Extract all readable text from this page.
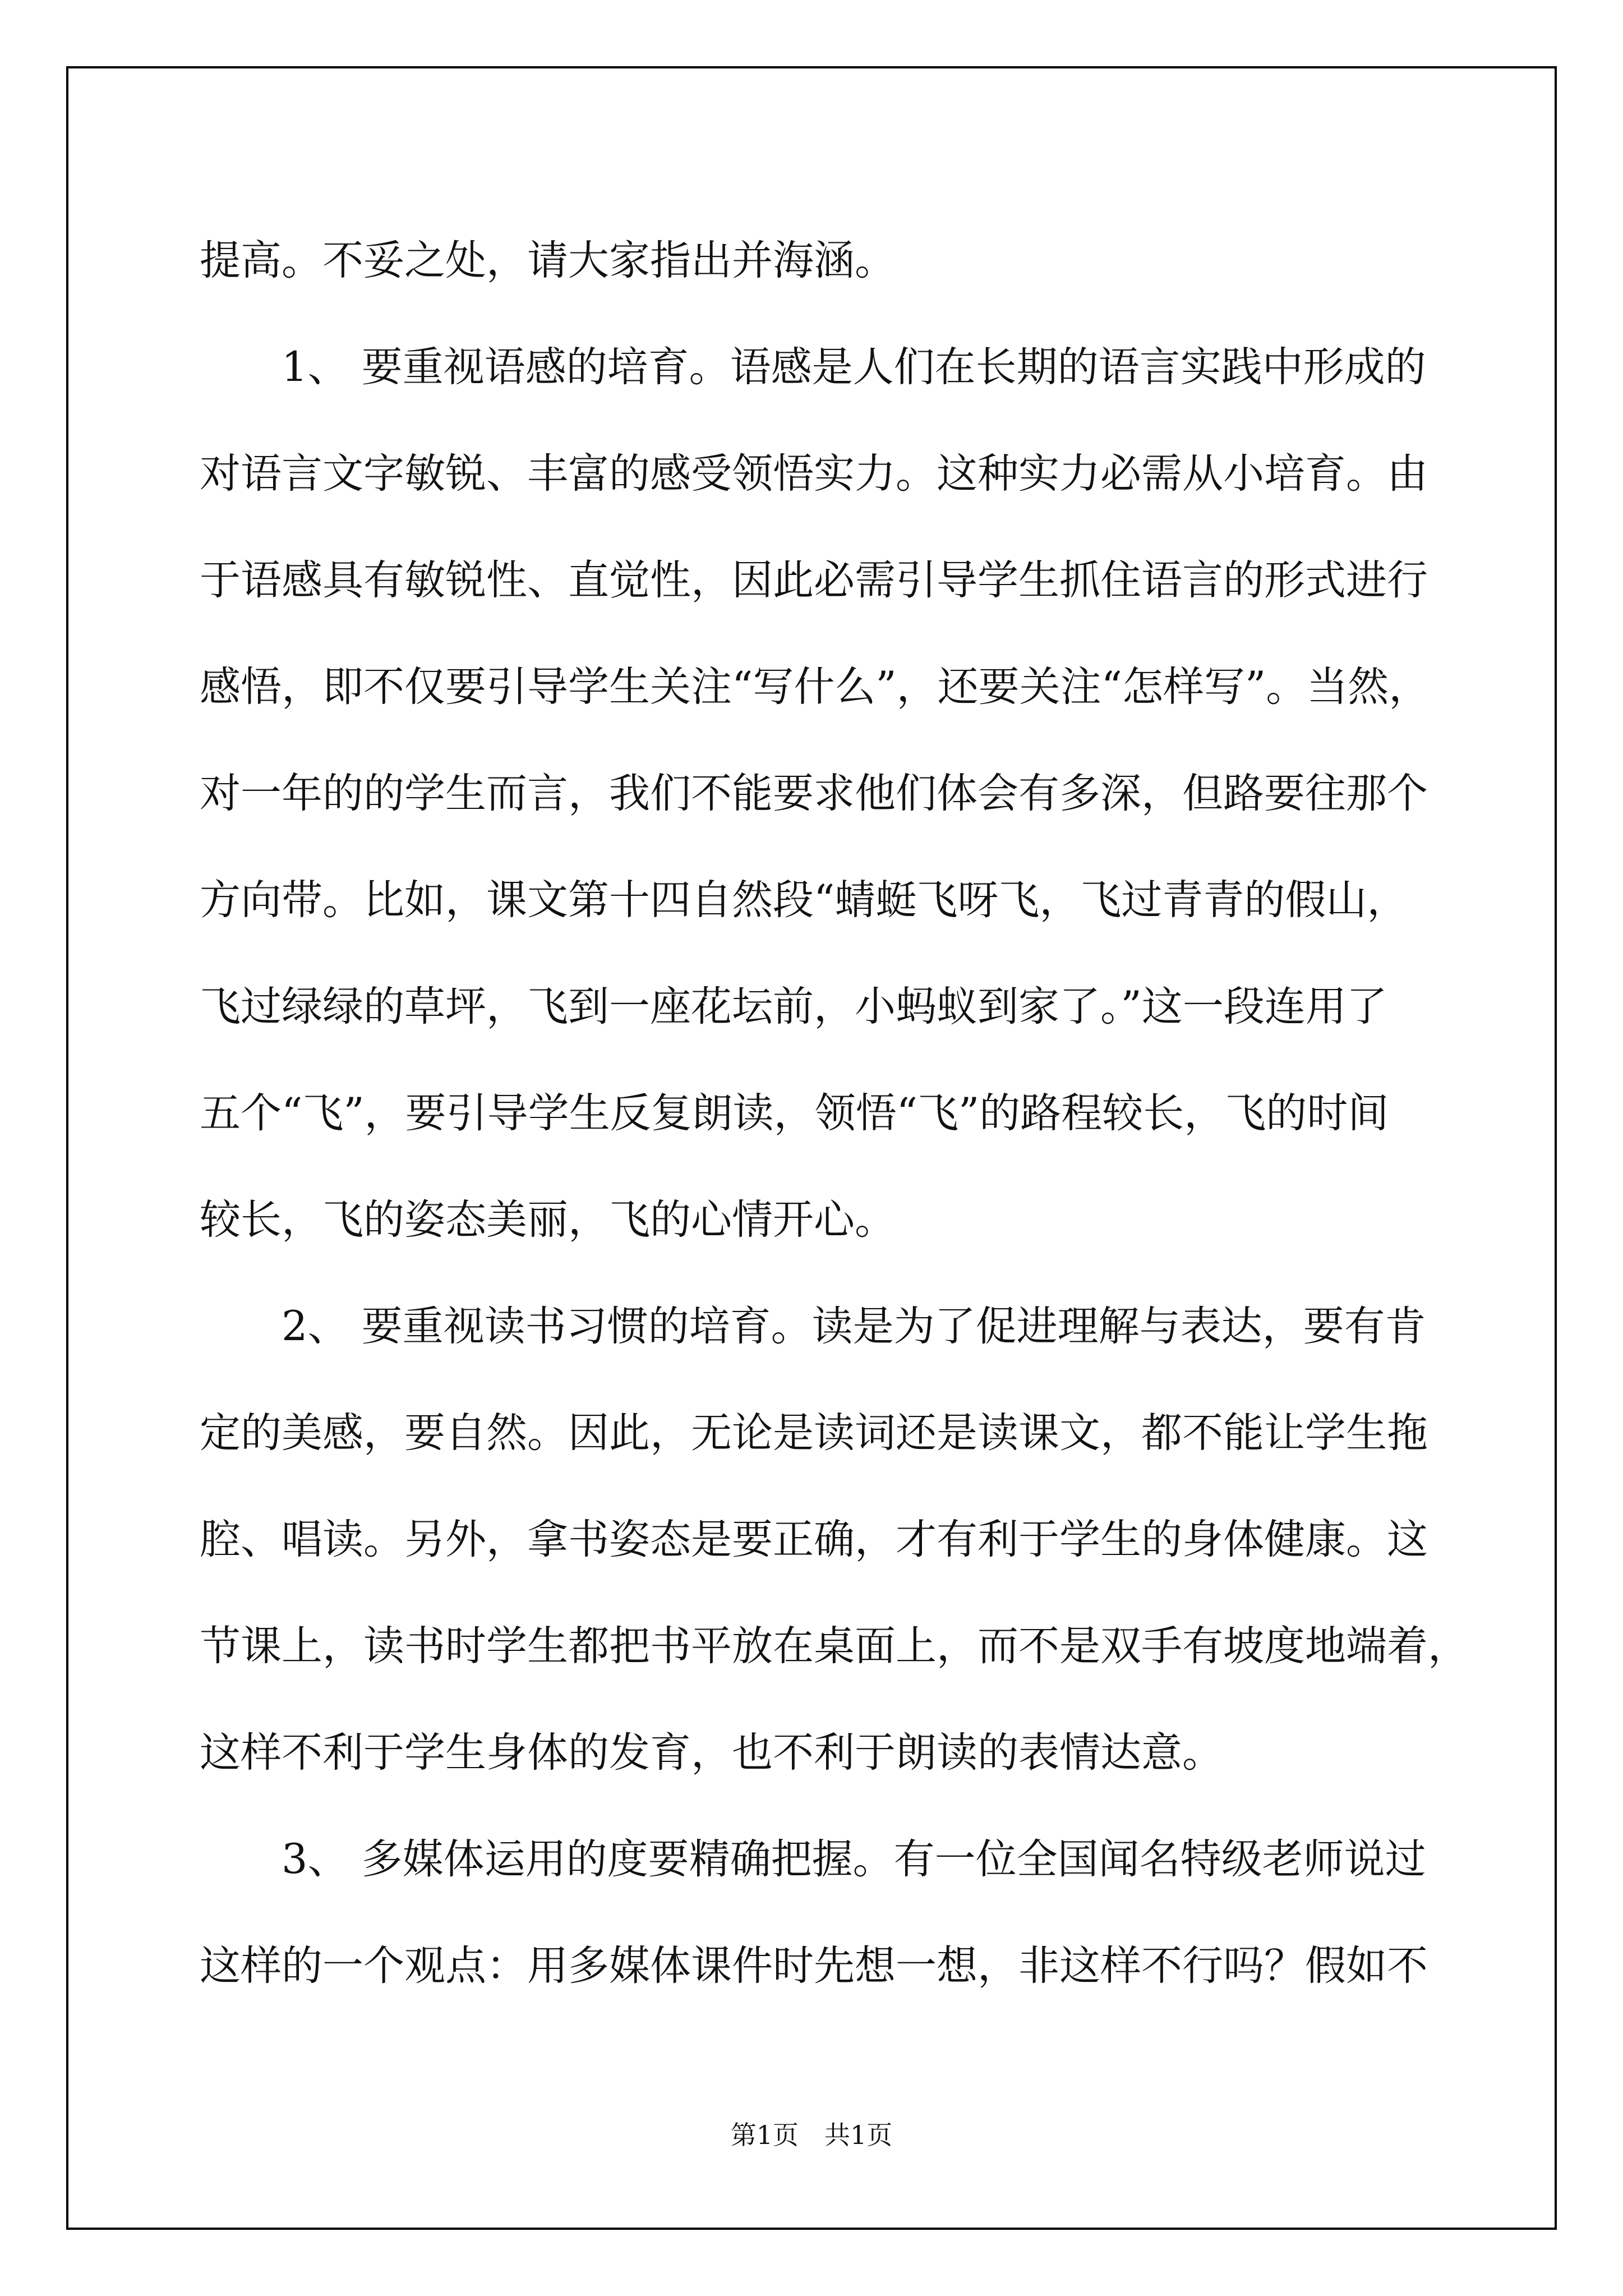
提高。不妥之处，请大家指出并海涵。
1、 要重视语感的培育。语感是人们在长期的语言实践中形成的
对语言文字敏锐、丰富的感受领悟实力。这种实力必需从小培育。由
于语感具有敏锐性、直觉性，因此必需引导学生抓住语言的形式进行
感悟，即不仅要引导学生关注“写什么”，还要关注“怎样写”。当然，
对一年的的学生而言，我们不能要求他们体会有多深，但路要往那个
方向带。比如，课文第十四自然段“蜻蜓飞呀飞，飞过青青的假山，
飞过绿绿的草坪，飞到一座花坛前，小蚂蚁到家了。”这一段连用了
五个“飞”，要引导学生反复朗读，领悟“飞”的路程较长，飞的时间
较长，飞的姿态美丽，飞的心情开心。
2、 要重视读书习惯的培育。读是为了促进理解与表达，要有肯
定的美感，要自然。因此，无论是读词还是读课文，都不能让学生拖
腔、唱读。另外，拿书姿态是要正确，才有利于学生的身体健康。这
节课上，读书时学生都把书平放在桌面上，而不是双手有坡度地端着，
这样不利于学生身体的发育，也不利于朗读的表情达意。
3、 多媒体运用的度要精确把握。有一位全国闻名特级老师说过
这样的一个观点：用多媒体课件时先想一想，非这样不行吗？假如不
第1页　共1页
